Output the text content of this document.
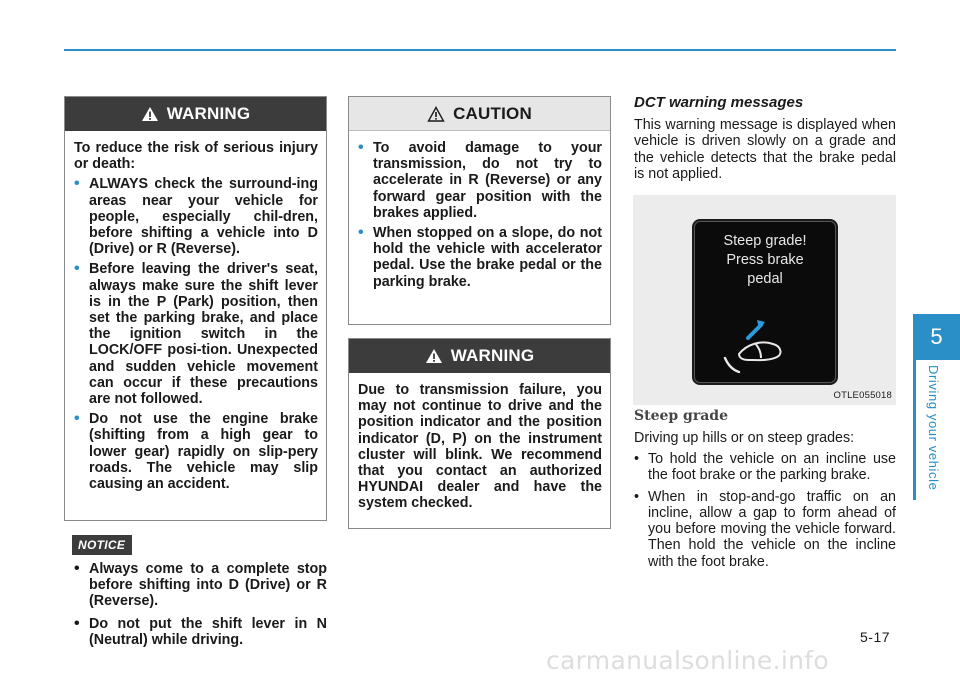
WARNING

To reduce the risk of serious injury or death:

• ALWAYS check the surround-ing areas near your vehicle for people, especially chil-dren, before shifting a vehicle into D (Drive) or R (Reverse).
• Before leaving the driver's seat, always make sure the shift lever is in the P (Park) position, then set the parking brake, and place the ignition switch in the LOCK/OFF posi-tion. Unexpected and sudden vehicle movement can occur if these precautions are not followed.
• Do not use the engine brake (shifting from a high gear to lower gear) rapidly on slip-pery roads. The vehicle may slip causing an accident.
NOTICE
• Always come to a complete stop before shifting into D (Drive) or R (Reverse).
• Do not put the shift lever in N (Neutral) while driving.
CAUTION
• To avoid damage to your transmission, do not try to accelerate in R (Reverse) or any forward gear position with the brakes applied.
• When stopped on a slope, do not hold the vehicle with accelerator pedal. Use the brake pedal or the parking brake.
WARNING
Due to transmission failure, you may not continue to drive and the position indicator and the position indicator (D, P) on the instrument cluster will blink. We recommend that you contact an authorized HYUNDAI dealer and have the system checked.
DCT warning messages

This warning message is displayed when vehicle is driven slowly on a grade and the vehicle detects that the brake pedal is not applied.

Steep grade!
Press brake
pedal
OTLE055018
Steep grade
Driving up hills or on steep grades:
• To hold the vehicle on an incline use the foot brake or the parking brake.
• When in stop-and-go traffic on an incline, allow a gap to form ahead of you before moving the vehicle forward. Then hold the vehicle on the incline with the foot brake.
5
Driving your vehicle
5-17
carmanualsonline.info
